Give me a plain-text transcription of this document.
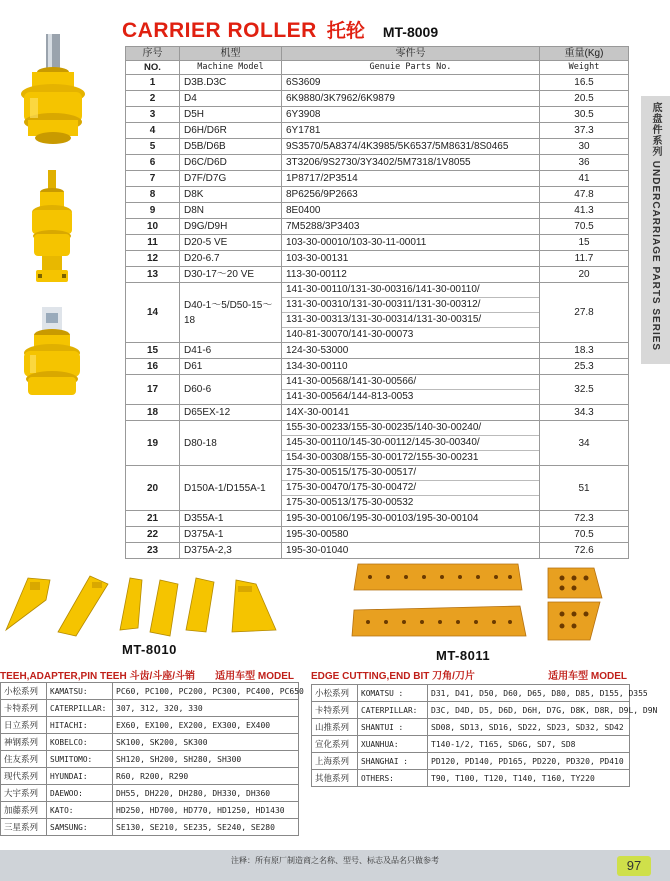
CARRIER ROLLER 托轮 MT-8009
底盘件系列 UNDERCARRIAGE PARTS SERIES
序号	机型	零件号	重量(Kg)
NO.	Machine Model	Genuie Parts No.	Weight
1	D3B.D3C	6S3609	16.5
2	D4	6K9880/3K7962/6K9879	20.5
3	D5H	6Y3908	30.5
4	D6H/D6R	6Y1781	37.3
5	D5B/D6B	9S3570/5A8374/4K3985/5K6537/5M8631/8S0465	30
6	D6C/D6D	3T3206/9S2730/3Y3402/5M7318/1V8055	36
7	D7F/D7G	1P8717/2P3514	41
8	D8K	8P6256/9P2663	47.8
9	D8N	8E0400	41.3
10	D9G/D9H	7M5288/3P3403	70.5
11	D20-5 VE	103-30-00010/103-30-11-00011	15
12	D20-6.7	103-30-00131	11.7
13	D30-17～20 VE	113-30-00112	20
14	D40-1～5/D50-15～18	141-30-00110/131-30-00316/141-30-00110/
131-30-00310/131-30-00311/131-30-00312/
131-30-00313/131-30-00314/131-30-00315/
140-81-30070/141-30-00073	27.8
15	D41-6	124-30-53000	18.3
16	D61	134-30-00110	25.3
17	D60-6	141-30-00568/141-30-00566/
141-30-00564/144-813-0053	32.5
18	D65EX-12	14X-30-00141	34.3
19	D80-18	155-30-00233/155-30-00235/140-30-00240/
145-30-00110/145-30-00112/145-30-00340/
154-30-00308/155-30-00172/155-30-00231	34
20	D150A-1/D155A-1	175-30-00515/175-30-00517/
175-30-00470/175-30-00472/
175-30-00513/175-30-00532	51
21	D355A-1	195-30-00106/195-30-00103/195-30-00104	72.3
22	D375A-1	195-30-00580	70.5
23	D375A-2,3	195-30-01040	72.6
MT-8010	MT-8011
TEEH,ADAPTER,PIN TEEH 斗齿/斗座/斗销 适用车型 MODEL
小松系列	KAMATSU:	PC60, PC100, PC200, PC300, PC400, PC650
卡特系列	CATERPILLAR:	307, 312, 320, 330
日立系列	HITACHI:	EX60, EX100, EX200, EX300, EX400
神钢系列	KOBELCO:	SK100, SK200, SK300
住友系列	SUMITOMO:	SH120, SH200, SH280, SH300
现代系列	HYUNDAI:	R60, R200, R290
大宇系列	DAEWOO:	DH55, DH220, DH280, DH330, DH360
加藤系列	KATO:	HD250, HD700, HD770, HD1250, HD1430
三星系列	SAMSUNG:	SE130, SE210, SE235, SE240, SE280
EDGE CUTTING,END BIT 刀角/刀片	适用车型 MODEL
小松系列	KOMATSU :	D31, D41, D50, D60, D65, D80, D85, D155, D355
卡特系列	CATERPILLAR:	D3C, D4D, D5, D6D, D6H, D7G, D8K, D8R, D9L, D9N
山推系列	SHANTUI :	SD08, SD13, SD16, SD22, SD23, SD32, SD42
宣化系列	XUANHUA:	T140-1/2, T165, SD6G, SD7, SD8
上海系列	SHANGHAI :	PD120, PD140, PD165, PD220, PD320, PD410
其他系列	OTHERS:	T90, T100, T120, T140, T160, TY220
注释：所有原厂制造商之名称、型号、标志及品名只做参考	97
